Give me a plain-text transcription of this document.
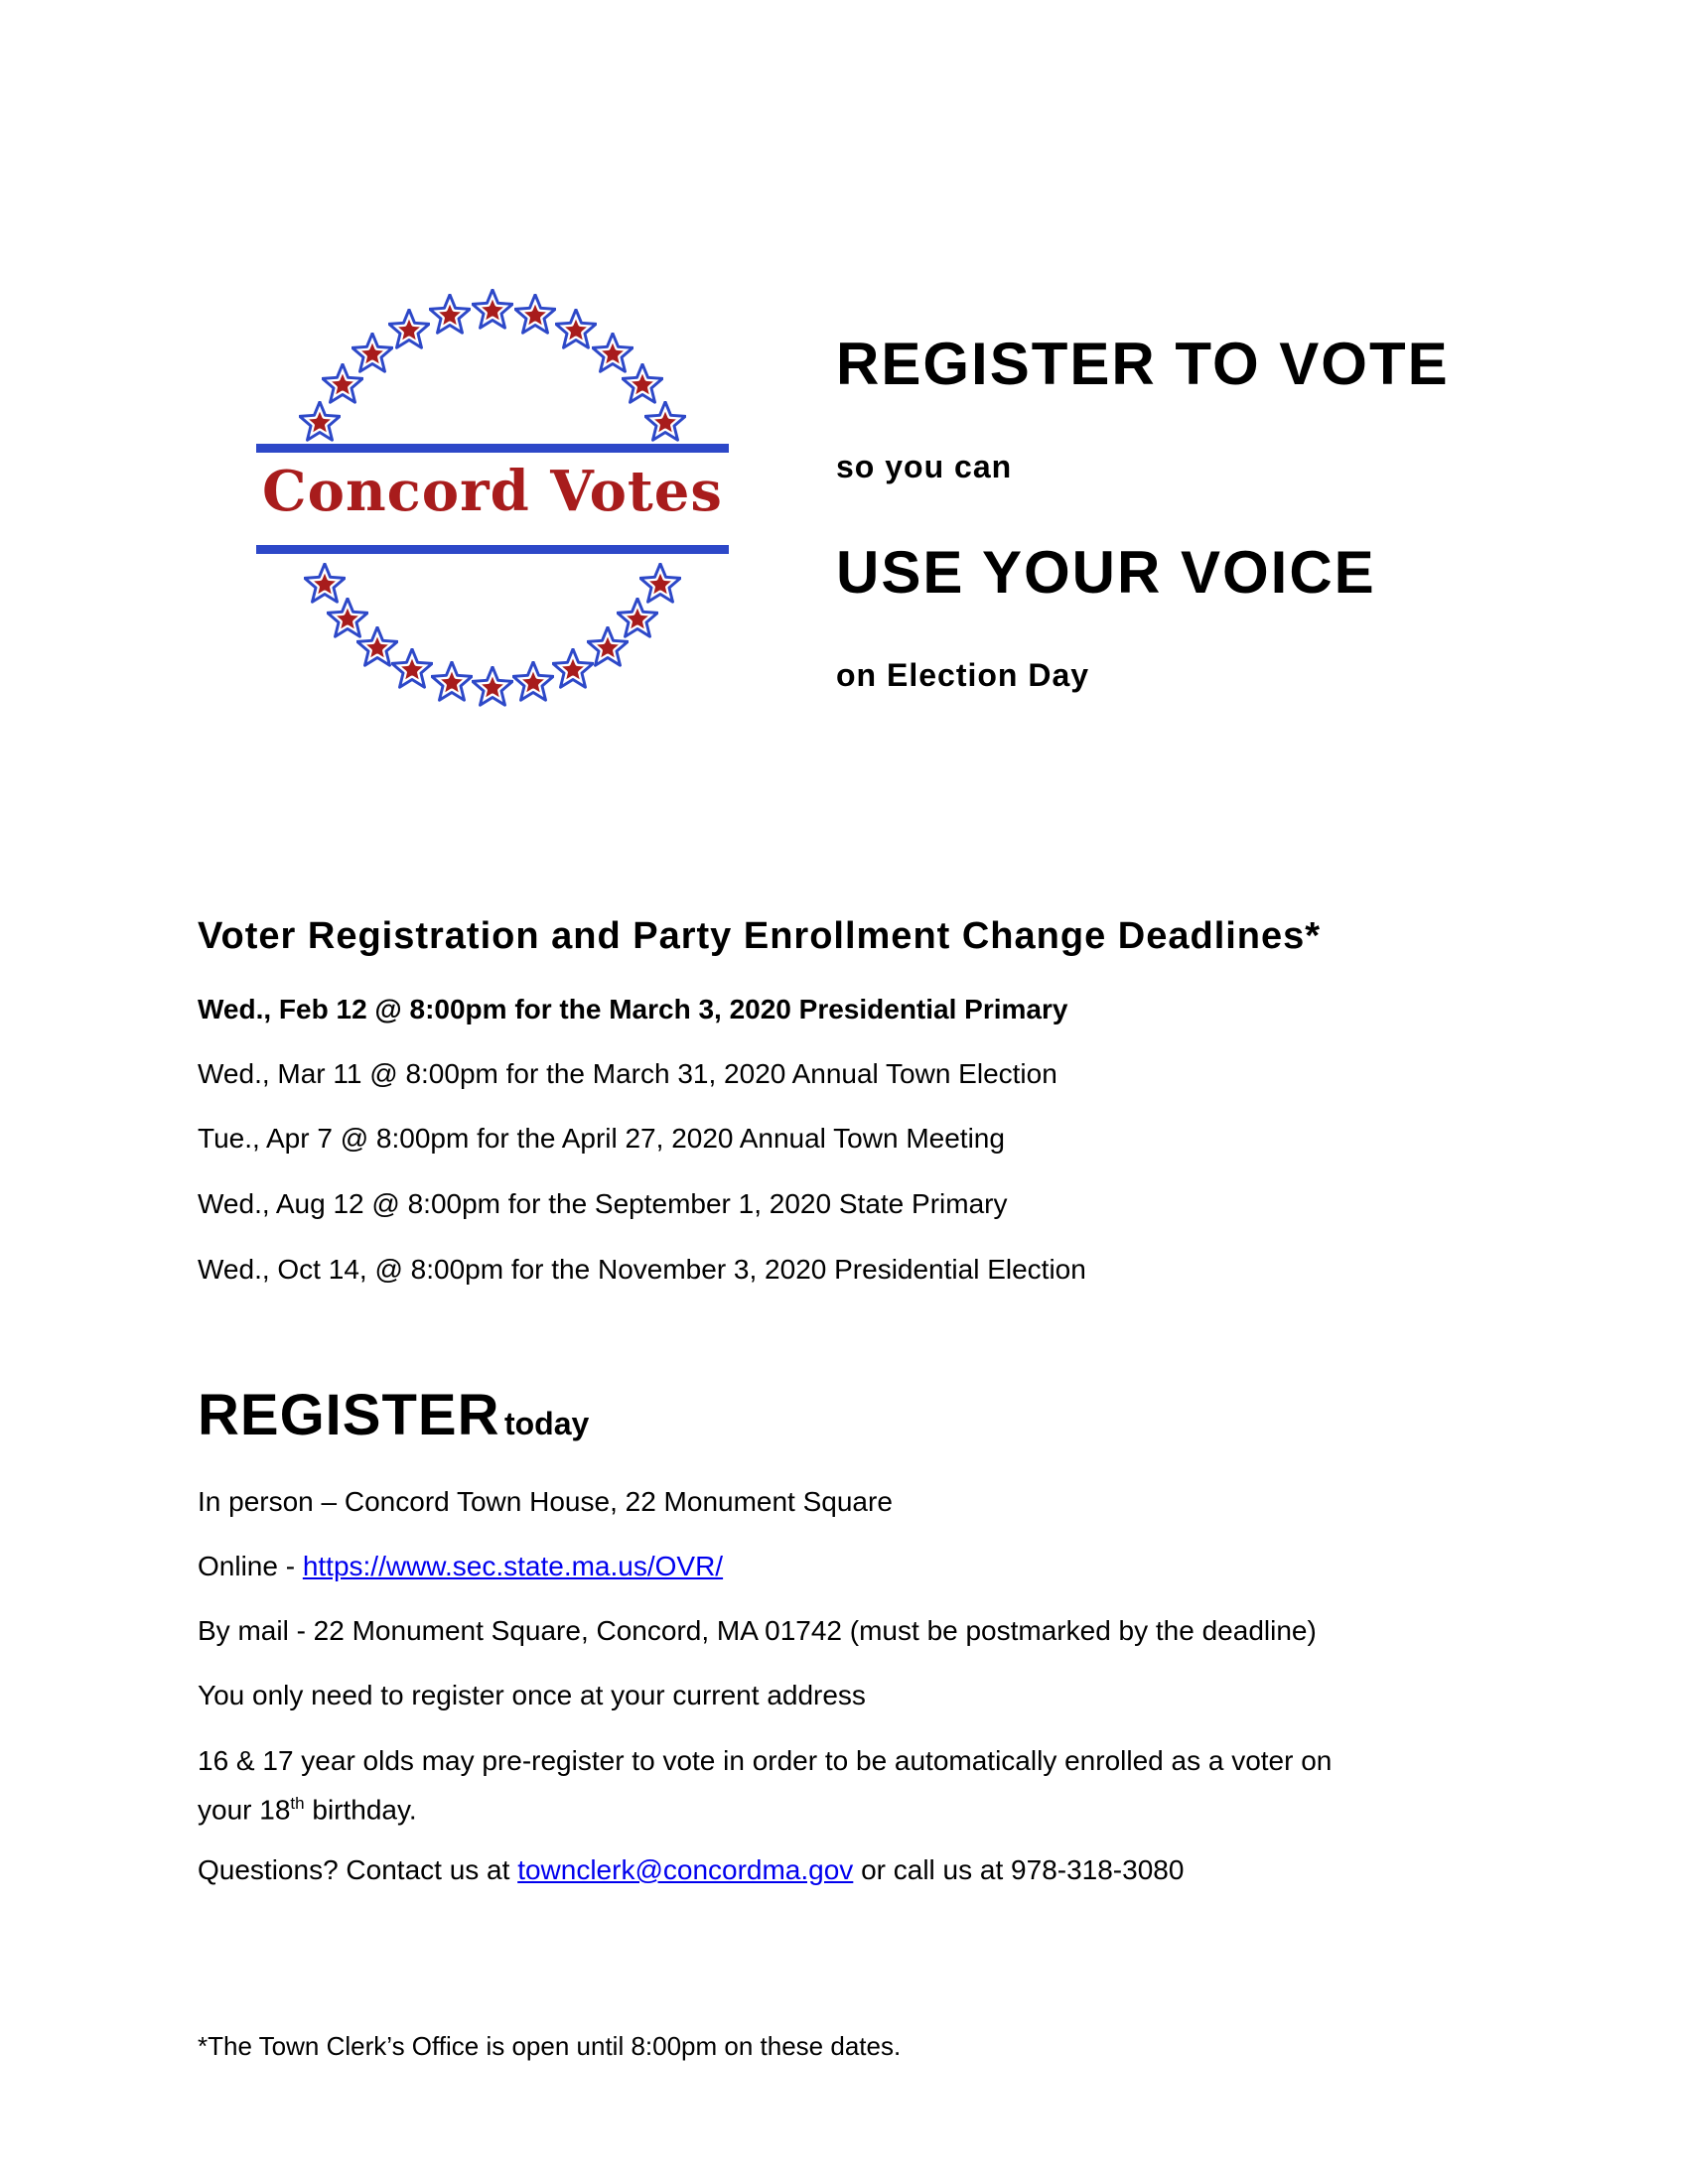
Concord Votes
REGISTER TO VOTE
so you can
USE YOUR VOICE
on Election Day
Voter Registration and Party Enrollment Change Deadlines*
Wed., Feb 12 @ 8:00pm for the March 3, 2020 Presidential Primary
Wed., Mar 11 @ 8:00pm for the March 31, 2020 Annual Town Election
Tue., Apr 7 @ 8:00pm for the April 27, 2020 Annual Town Meeting
Wed., Aug 12 @ 8:00pm for the September 1, 2020 State Primary
Wed., Oct 14, @ 8:00pm for the November 3, 2020 Presidential Election
REGISTER today
In person – Concord Town House, 22 Monument Square
Online - https://www.sec.state.ma.us/OVR/
By mail - 22 Monument Square, Concord, MA 01742 (must be postmarked by the deadline)
You only need to register once at your current address
16 & 17 year olds may pre-register to vote in order to be automatically enrolled as a voter on
your 18th birthday.
Questions? Contact us at townclerk@concordma.gov or call us at 978-318-3080
*The Town Clerk’s Office is open until 8:00pm on these dates.
